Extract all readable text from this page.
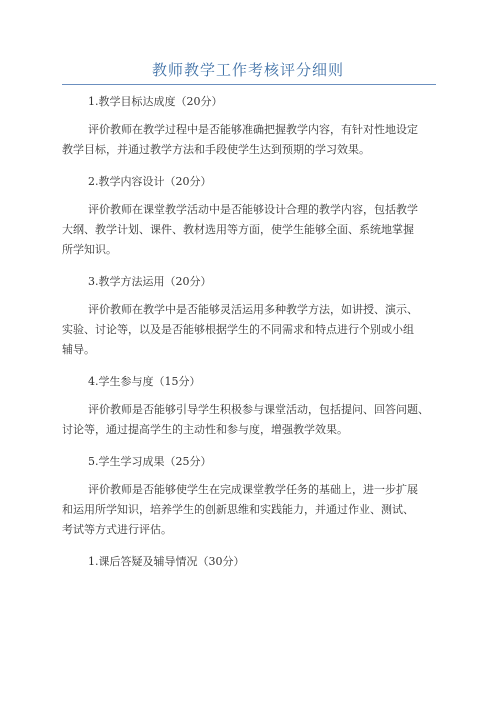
教师教学工作考核评分细则

1.教学目标达成度（20分）

评价教师在教学过程中是否能够准确把握教学内容，有针对性地设定
教学目标，并通过教学方法和手段使学生达到预期的学习效果。

2.教学内容设计（20分）

评价教师在课堂教学活动中是否能够设计合理的教学内容，包括教学
大纲、教学计划、课件、教材选用等方面，使学生能够全面、系统地掌握
所学知识。

3.教学方法运用（20分）

评价教师在教学中是否能够灵活运用多种教学方法，如讲授、演示、
实验、讨论等，以及是否能够根据学生的不同需求和特点进行个别或小组
辅导。

4.学生参与度（15分）

评价教师是否能够引导学生积极参与课堂活动，包括提问、回答问题、
讨论等，通过提高学生的主动性和参与度，增强教学效果。

5.学生学习成果（25分）

评价教师是否能够使学生在完成课堂教学任务的基础上，进一步扩展
和运用所学知识，培养学生的创新思维和实践能力，并通过作业、测试、
考试等方式进行评估。

1.课后答疑及辅导情况（30分）
